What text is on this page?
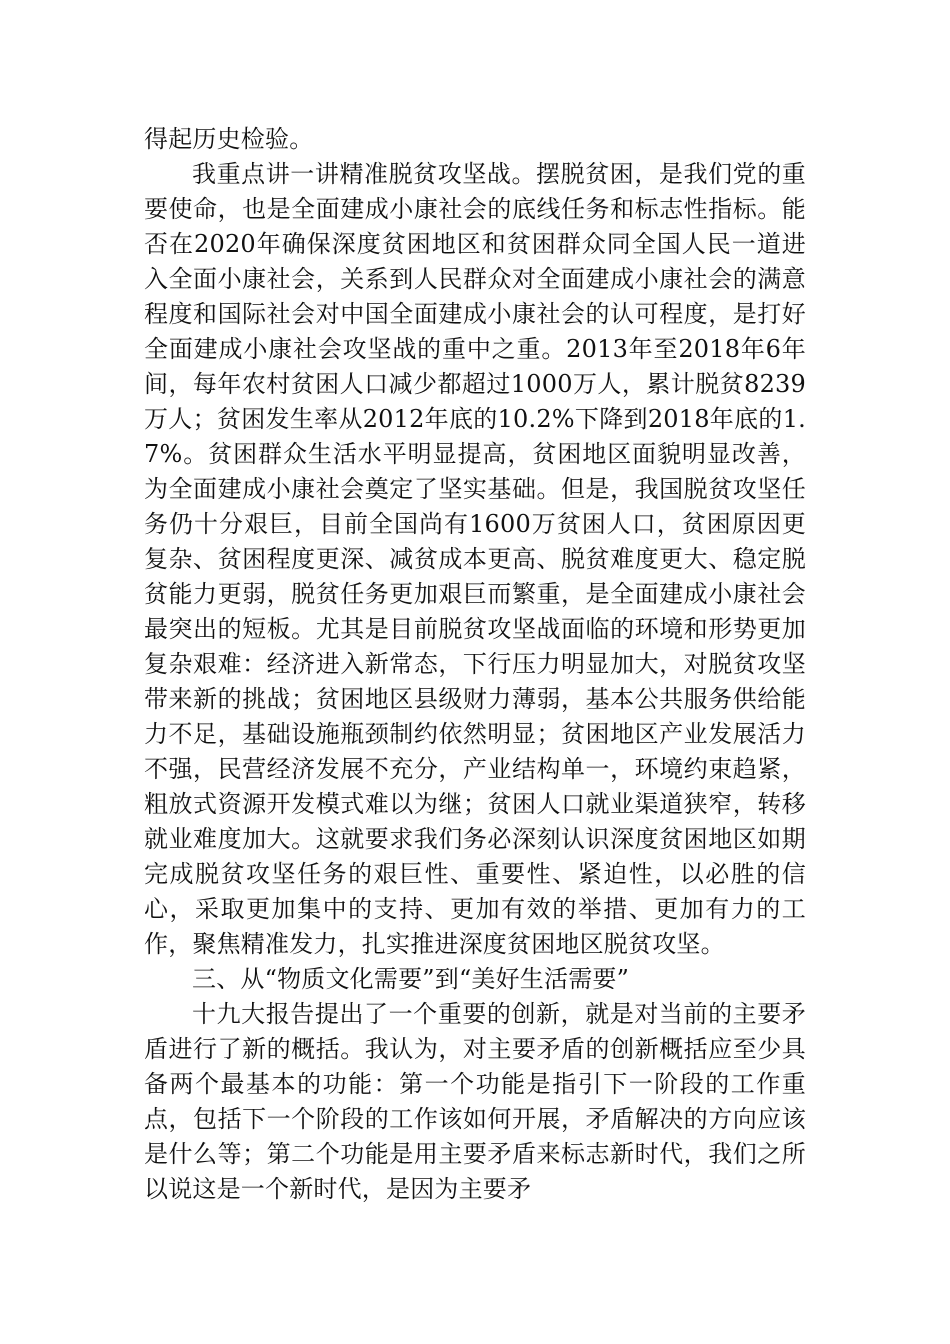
得起历史检验。

我重点讲一讲精准脱贫攻坚战。摆脱贫困，是我们党的重要使命，也是全面建成小康社会的底线任务和标志性指标。能否在2020年确保深度贫困地区和贫困群众同全国人民一道进入全面小康社会，关系到人民群众对全面建成小康社会的满意程度和国际社会对中国全面建成小康社会的认可程度，是打好全面建成小康社会攻坚战的重中之重。2013年至2018年6年间，每年农村贫困人口减少都超过1000万人，累计脱贫8239万人；贫困发生率从2012年底的10.2%下降到2018年底的1.7%。贫困群众生活水平明显提高，贫困地区面貌明显改善，为全面建成小康社会奠定了坚实基础。但是，我国脱贫攻坚任务仍十分艰巨，目前全国尚有1600万贫困人口，贫困原因更复杂、贫困程度更深、减贫成本更高、脱贫难度更大、稳定脱贫能力更弱，脱贫任务更加艰巨而繁重，是全面建成小康社会最突出的短板。尤其是目前脱贫攻坚战面临的环境和形势更加复杂艰难：经济进入新常态，下行压力明显加大，对脱贫攻坚带来新的挑战；贫困地区县级财力薄弱，基本公共服务供给能力不足，基础设施瓶颈制约依然明显；贫困地区产业发展活力不强，民营经济发展不充分，产业结构单一，环境约束趋紧，粗放式资源开发模式难以为继；贫困人口就业渠道狭窄，转移就业难度加大。这就要求我们务必深刻认识深度贫困地区如期完成脱贫攻坚任务的艰巨性、重要性、紧迫性，以必胜的信心，采取更加集中的支持、更加有效的举措、更加有力的工作，聚焦精准发力，扎实推进深度贫困地区脱贫攻坚。

三、从“物质文化需要”到“美好生活需要”

十九大报告提出了一个重要的创新，就是对当前的主要矛盾进行了新的概括。我认为，对主要矛盾的创新概括应至少具备两个最基本的功能：第一个功能是指引下一阶段的工作重点，包括下一个阶段的工作该如何开展，矛盾解决的方向应该是什么等；第二个功能是用主要矛盾来标志新时代，我们之所以说这是一个新时代，是因为主要矛
